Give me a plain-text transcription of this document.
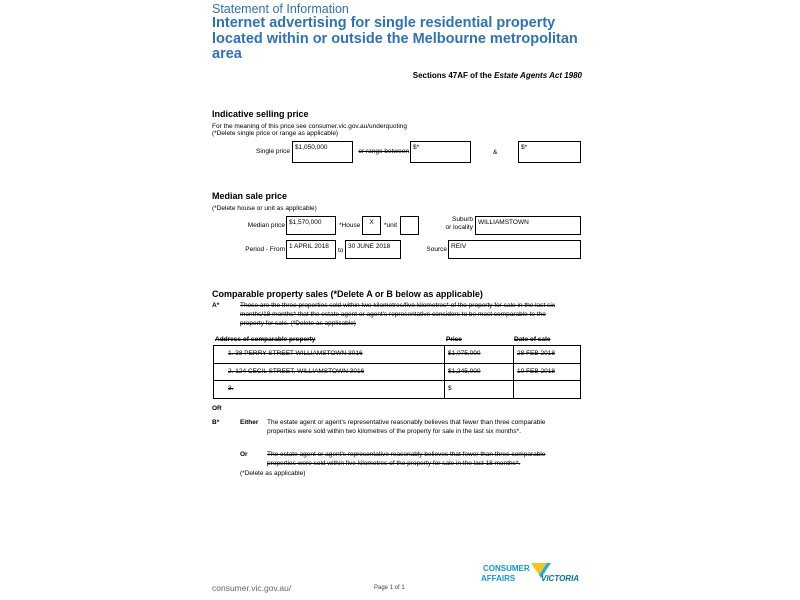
Statement of Information
Internet advertising for single residential property located within or outside the Melbourne metropolitan area
Sections 47AF of the Estate Agents Act 1980
Indicative selling price
For the meaning of this price see consumer.vic.gov.au/underquoting
(*Delete single price or range as applicable)
Single price
$1,050,000
or range between
$*
&
$*
Median sale price
(*Delete house or unit as applicable)
Median price $1,570,000	*House	X	*unit
Suburb
or locality
WILLIAMSTOWN
Period - From 1 APRIL 2018
to
30 JUNE 2018	Source REIV
Comparable property sales (*Delete A or B below as applicable)
A*	These are the three properties sold within two kilometres/five kilometres* of the property for sale in the last six
months/18 months* that the estate agent or agent's representative considers to be most comparable to the
property for sale. (*Delete as applicable)
Address of comparable property	Price	Date of sale
1. 38 PERRY STREET WILLIAMSTOWN 3016	$1,075,000	28 FEB 2018
2. 124 CECIL STREET, WILLIAMSTOWN 3016	$1,245,000	10 FEB 2018
3.	$
OR
B*	Either The estate agent or agent's representative reasonably believes that fewer than three comparable
properties were sold within two kilometres of the property for sale in the last six months*.
Or	The estate agent or agent's representative reasonably believes that fewer than three comparable
properties were sold within five kilometres of the property for sale in the last 18 months*.
(*Delete as applicable)
consumer.vic.gov.au/	Page 1 of 1
CONSUMER
AFFAIRS	VICTORIA
